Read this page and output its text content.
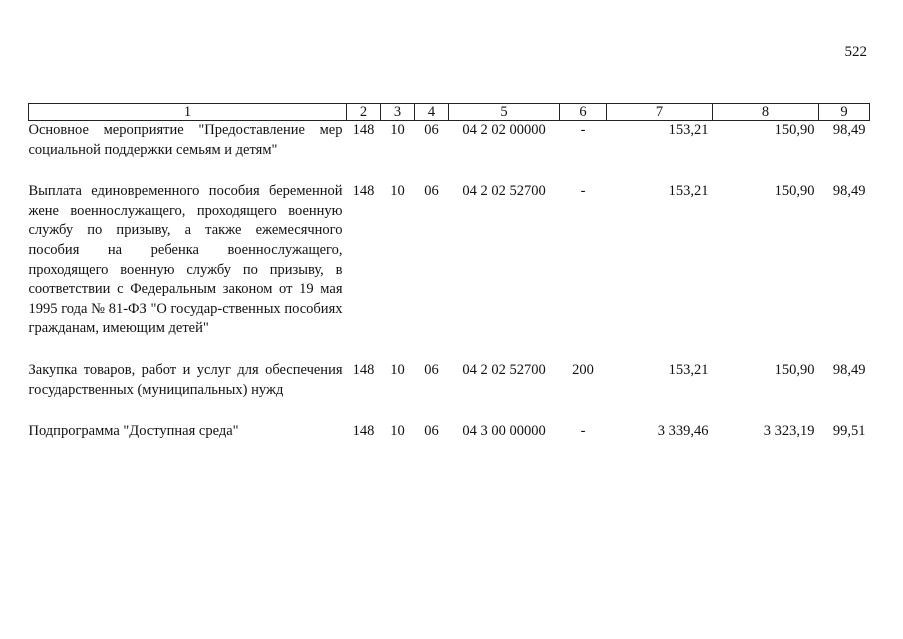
522
1	2	3	4	5	6	7	8	9
Основное мероприятие "Предоставление мер социальной поддержки семьям и детям"	148	10	06	04 2 02 00000	-	153,21	150,90	98,49

Выплата единовременного пособия беременной жене военнослужащего, проходящего военную службу по призыву, а также ежемесячного пособия на ребенка военнослужащего, проходящего военную службу по призыву, в соответствии с Федеральным законом от 19 мая 1995 года № 81-ФЗ "О государ-ственных пособиях гражданам, имеющим детей"	148	10	06	04 2 02 52700	-	153,21	150,90	98,49

Закупка товаров, работ и услуг для обеспечения государственных (муниципальных) нужд	148	10	06	04 2 02 52700	200	153,21	150,90	98,49

Подпрограмма "Доступная среда"	148	10	06	04 3 00 00000	-	3 339,46	3 323,19	99,51
